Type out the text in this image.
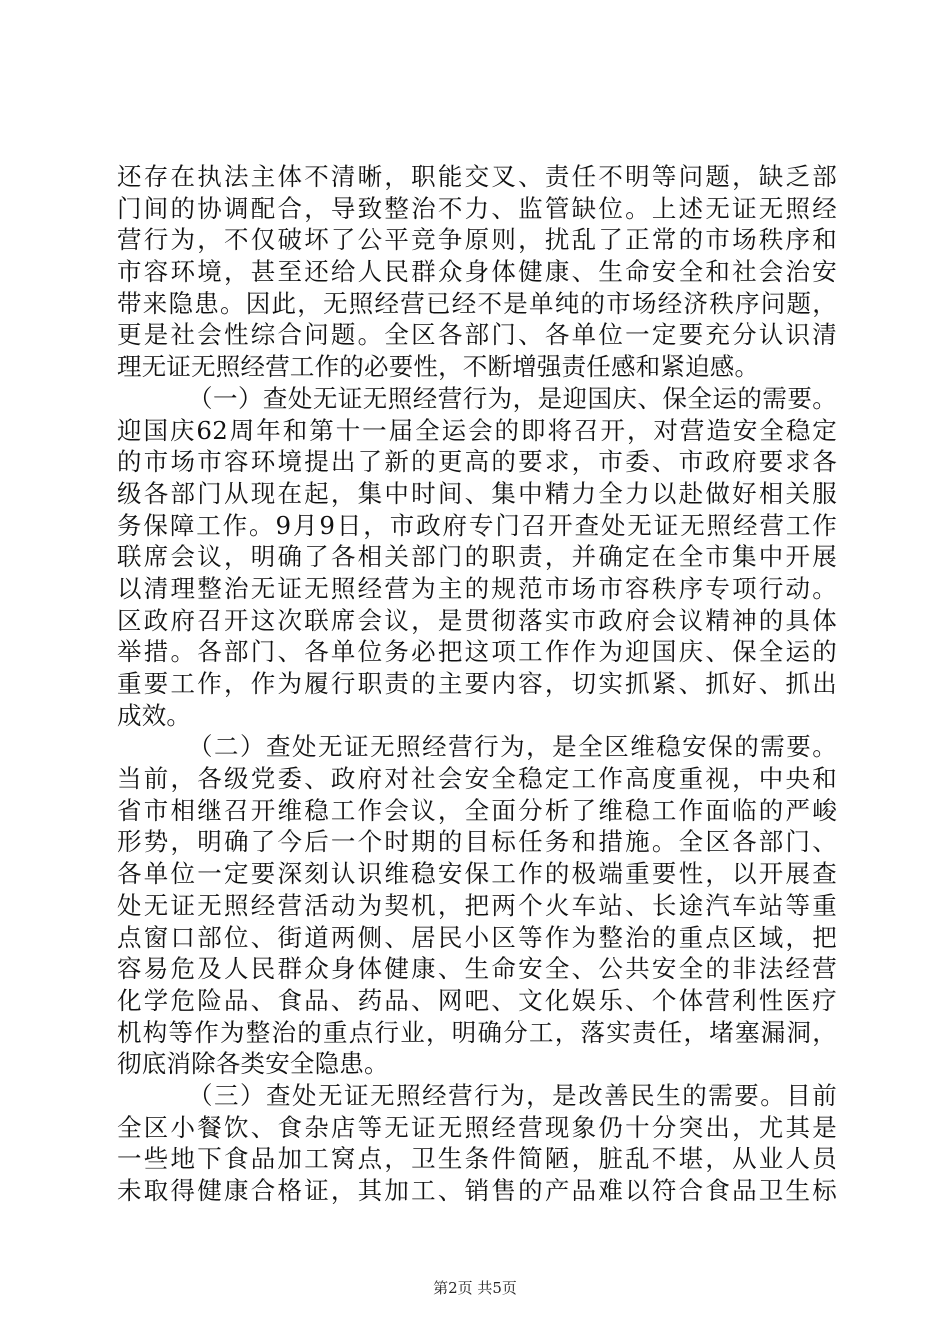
还存在执法主体不清晰，职能交叉、责任不明等问题，缺乏部
门间的协调配合，导致整治不力、监管缺位。上述无证无照经
营行为，不仅破坏了公平竞争原则，扰乱了正常的市场秩序和
市容环境，甚至还给人民群众身体健康、生命安全和社会治安
带来隐患。因此，无照经营已经不是单纯的市场经济秩序问题，
更是社会性综合问题。全区各部门、各单位一定要充分认识清
理无证无照经营工作的必要性，不断增强责任感和紧迫感。
（一）查处无证无照经营行为，是迎国庆、保全运的需要。
迎国庆62周年和第十一届全运会的即将召开，对营造安全稳定
的市场市容环境提出了新的更高的要求，市委、市政府要求各
级各部门从现在起，集中时间、集中精力全力以赴做好相关服
务保障工作。9月9日，市政府专门召开查处无证无照经营工作
联席会议，明确了各相关部门的职责，并确定在全市集中开展
以清理整治无证无照经营为主的规范市场市容秩序专项行动。
区政府召开这次联席会议，是贯彻落实市政府会议精神的具体
举措。各部门、各单位务必把这项工作作为迎国庆、保全运的
重要工作，作为履行职责的主要内容，切实抓紧、抓好、抓出
成效。
（二）查处无证无照经营行为，是全区维稳安保的需要。
当前，各级党委、政府对社会安全稳定工作高度重视，中央和
省市相继召开维稳工作会议，全面分析了维稳工作面临的严峻
形势，明确了今后一个时期的目标任务和措施。全区各部门、
各单位一定要深刻认识维稳安保工作的极端重要性，以开展查
处无证无照经营活动为契机，把两个火车站、长途汽车站等重
点窗口部位、街道两侧、居民小区等作为整治的重点区域，把
容易危及人民群众身体健康、生命安全、公共安全的非法经营
化学危险品、食品、药品、网吧、文化娱乐、个体营利性医疗
机构等作为整治的重点行业，明确分工，落实责任，堵塞漏洞，
彻底消除各类安全隐患。
（三）查处无证无照经营行为，是改善民生的需要。目前
全区小餐饮、食杂店等无证无照经营现象仍十分突出，尤其是
一些地下食品加工窝点，卫生条件简陋，脏乱不堪，从业人员
未取得健康合格证，其加工、销售的产品难以符合食品卫生标
第2页 共5页
